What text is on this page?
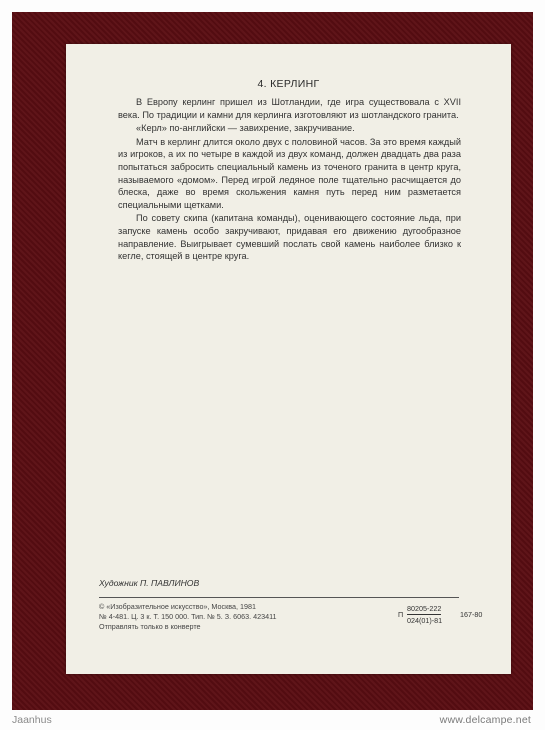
4. КЕРЛИНГ

В Европу керлинг пришел из Шотландии, где игра существовала с XVII века. По традиции и камни для керлинга изготовляют из шотландского гранита.

«Керл» по-английски — завихрение, закручивание.

Матч в керлинг длится около двух с половиной часов. За это время каждый из игроков, а их по четыре в каждой из двух команд, должен двадцать два раза попытаться забросить специальный камень из точеного гранита в центр круга, называемого «домом». Перед игрой ледяное поле тщательно расчищается до блеска, даже во время скольжения камня путь перед ним разметается специальными щетками.

По совету скипа (капитана команды), оценивающего состояние льда, при запуске камень особо закручивают, придавая его движению дугообразное направление. Выигрывает сумевший послать свой камень наиболее близко к кегле, стоящей в центре круга.

Художник П. ПАВЛИНОВ
© «Изобразительное искусство», Москва, 1981
№ 4-481. Ц. 3 к. Т. 150 000. Тип. № 5. З. 6063. 423411
Отправлять только в конверте
П
80205-222
024(01)-81
167-80
Jaanhus	www.delcampe.net
